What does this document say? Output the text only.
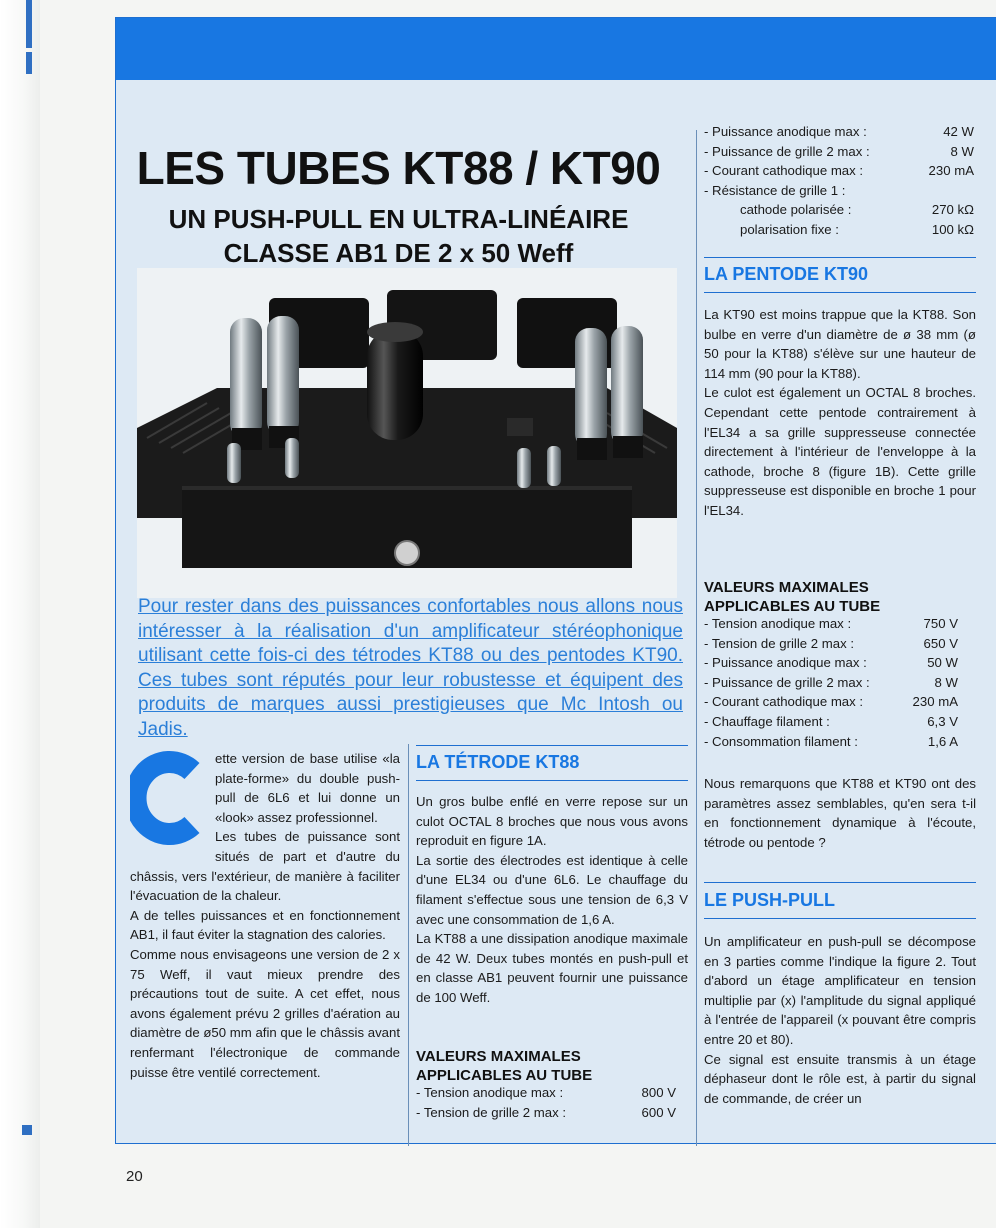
LES TUBES KT88 / KT90
UN PUSH-PULL EN ULTRA-LINÉAIRE
CLASSE AB1 DE 2 x 50 Weff
Pour rester dans des puissances confortables nous allons nous intéresser à la réalisation d'un amplificateur stéréophonique utilisant cette fois-ci des tétrodes KT88 ou des pentodes KT90. Ces tubes sont réputés pour leur robustesse et équipent des produits de marques aussi prestigieuses que Mc Intosh ou Jadis.

ette version de base utilise «la plate-forme» du double push-pull de 6L6 et lui donne un «look» assez professionnel.

Les tubes de puissance sont situés de part et d'autre du châssis, vers l'extérieur, de manière à faciliter l'évacuation de la chaleur.

A de telles puissances et en fonctionnement AB1, il faut éviter la stagnation des calories.

Comme nous envisageons une version de 2 x 75 Weff, il vaut mieux prendre des précautions tout de suite. A cet effet, nous avons également prévu 2 grilles d'aération au diamètre de ø50 mm afin que le châssis avant renfermant l'électronique de commande puisse être ventilé correctement.

LA TÉTRODE KT88

Un gros bulbe enflé en verre repose sur un culot OCTAL 8 broches que nous vous avons reproduit en figure 1A.

La sortie des électrodes est identique à celle d'une EL34 ou d'une 6L6. Le chauffage du filament s'effectue sous une tension de 6,3 V avec une consommation de 1,6 A.

La KT88 a une dissipation anodique maximale de 42 W. Deux tubes montés en push-pull et en classe AB1 peuvent fournir une puissance de 100 Weff.

VALEURS MAXIMALES
APPLICABLES AU TUBE
- Tension anodique max :	800 V
- Tension de grille 2 max :	600 V
- Puissance anodique max :	42 W
- Puissance de grille 2 max :	8 W
- Courant cathodique max :	230 mA
- Résistance de grille 1 :	
cathode polarisée :	270 kΩ
polarisation fixe :	100 kΩ
LA PENTODE KT90

La KT90 est moins trappue que la KT88. Son bulbe en verre d'un diamètre de ø 38 mm (ø 50 pour la KT88) s'élève sur une hauteur de 114 mm (90 pour la KT88).

Le culot est également un OCTAL 8 broches. Cependant cette pentode contrairement à l'EL34 a sa grille suppresseuse connectée directement à l'intérieur de l'enveloppe à la cathode, broche 8 (figure 1B). Cette grille suppresseuse est disponible en broche 1 pour l'EL34.

VALEURS MAXIMALES
APPLICABLES AU TUBE
- Tension anodique max :	750 V
- Tension de grille 2 max :	650 V
- Puissance anodique max :	50 W
- Puissance de grille 2 max :	8 W
- Courant cathodique max :	230 mA
- Chauffage filament :	6,3 V
- Consommation filament :	1,6 A
Nous remarquons que KT88 et KT90 ont des paramètres assez semblables, qu'en sera t-il en fonctionnement dynamique à l'écoute, tétrode ou pentode ?
LE PUSH-PULL

Un amplificateur en push-pull se décompose en 3 parties comme l'indique la figure 2. Tout d'abord un étage amplificateur en tension multiplie par (x) l'amplitude du signal appliqué à l'entrée de l'appareil (x pouvant être compris entre 20 et 80).

Ce signal est ensuite transmis à un étage déphaseur dont le rôle est, à partir du signal de commande, de créer un

20
